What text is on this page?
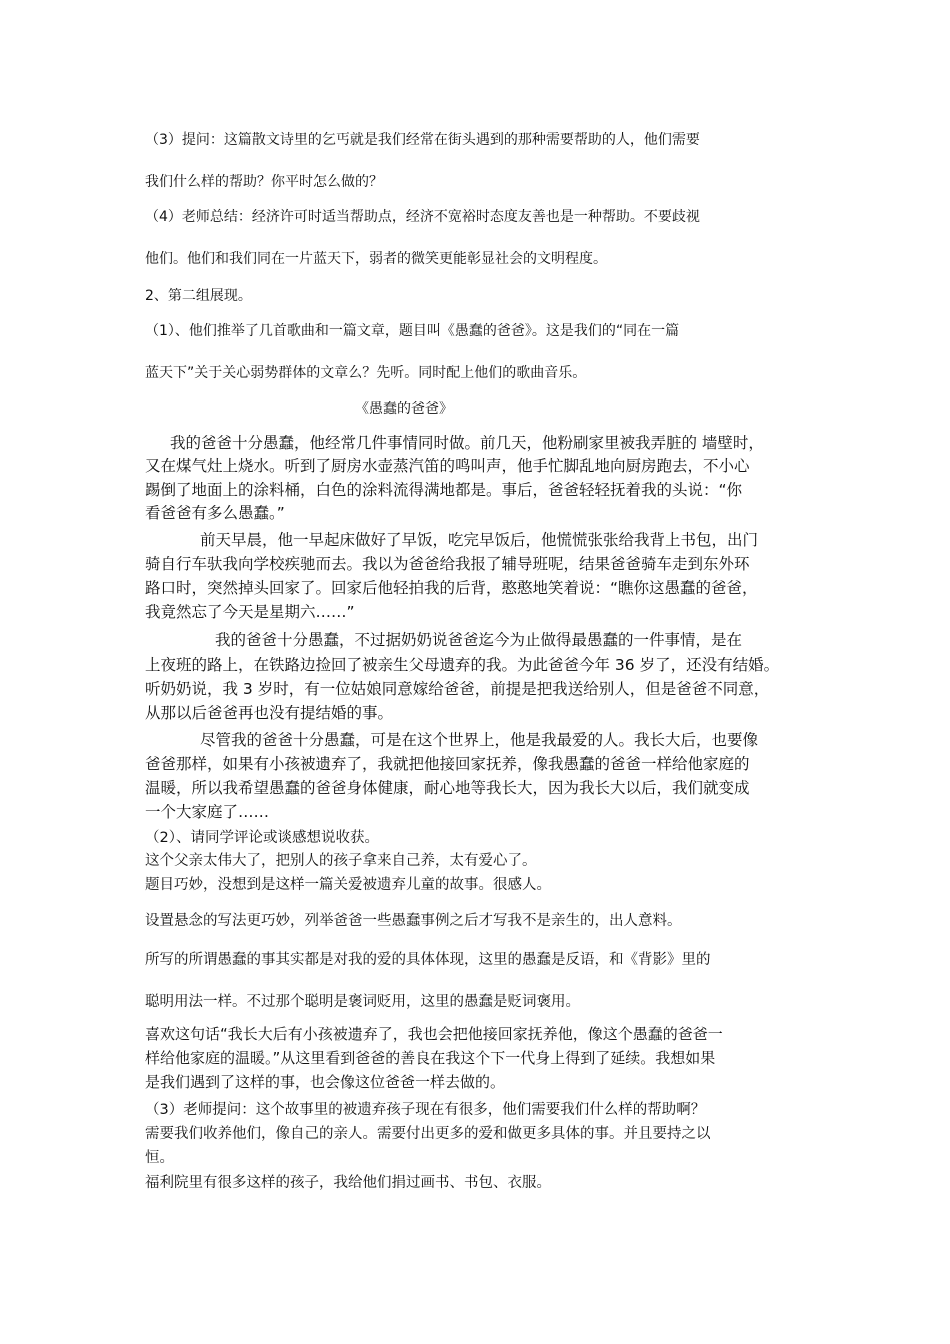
（3）提问：这篇散文诗里的乞丐就是我们经常在街头遇到的那种需要帮助的人，他们需要

我们什么样的帮助？你平时怎么做的？

（4）老师总结：经济许可时适当帮助点，经济不宽裕时态度友善也是一种帮助。不要歧视

他们。他们和我们同在一片蓝天下，弱者的微笑更能彰显社会的文明程度。

2、第二组展现。

（1）、他们推举了几首歌曲和一篇文章，题目叫《愚蠢的爸爸》。这是我们的“同在一篇

蓝天下”关于关心弱势群体的文章么？先听。同时配上他们的歌曲音乐。

《愚蠢的爸爸》

我的爸爸十分愚蠢，他经常几件事情同时做。前几天，他粉刷家里被我弄脏的 墙壁时，

又在煤气灶上烧水。听到了厨房水壶蒸汽笛的鸣叫声，他手忙脚乱地向厨房跑去，不小心

踢倒了地面上的涂料桶，白色的涂料流得满地都是。事后，爸爸轻轻抚着我的头说：“你

看爸爸有多么愚蠢。”

前天早晨，他一早起床做好了早饭，吃完早饭后，他慌慌张张给我背上书包，出门

骑自行车驮我向学校疾驰而去。我以为爸爸给我报了辅导班呢，结果爸爸骑车走到东外环

路口时，突然掉头回家了。回家后他轻拍我的后背，憨憨地笑着说：“瞧你这愚蠢的爸爸，

我竟然忘了今天是星期六……”

我的爸爸十分愚蠢，不过据奶奶说爸爸迄今为止做得最愚蠢的一件事情，是在

上夜班的路上，在铁路边捡回了被亲生父母遗弃的我。为此爸爸今年 36 岁了，还没有结婚。

听奶奶说，我 3 岁时，有一位姑娘同意嫁给爸爸，前提是把我送给别人，但是爸爸不同意，

从那以后爸爸再也没有提结婚的事。

尽管我的爸爸十分愚蠢，可是在这个世界上，他是我最爱的人。我长大后，也要像

爸爸那样，如果有小孩被遗弃了，我就把他接回家抚养，像我愚蠢的爸爸一样给他家庭的

温暖，所以我希望愚蠢的爸爸身体健康，耐心地等我长大，因为我长大以后，我们就变成

一个大家庭了……

（2）、请同学评论或谈感想说收获。

这个父亲太伟大了，把别人的孩子拿来自己养，太有爱心了。

题目巧妙，没想到是这样一篇关爱被遗弃儿童的故事。很感人。

设置悬念的写法更巧妙，列举爸爸一些愚蠢事例之后才写我不是亲生的，出人意料。

所写的所谓愚蠢的事其实都是对我的爱的具体体现，这里的愚蠢是反语，和《背影》里的

聪明用法一样。不过那个聪明是褒词贬用，这里的愚蠢是贬词褒用。

喜欢这句话“我长大后有小孩被遗弃了，我也会把他接回家抚养他，像这个愚蠢的爸爸一

样给他家庭的温暖。”从这里看到爸爸的善良在我这个下一代身上得到了延续。我想如果

是我们遇到了这样的事，也会像这位爸爸一样去做的。

（3）老师提问：这个故事里的被遗弃孩子现在有很多，他们需要我们什么样的帮助啊？

需要我们收养他们，像自己的亲人。需要付出更多的爱和做更多具体的事。并且要持之以

恒。

福利院里有很多这样的孩子，我给他们捐过画书、书包、衣服。
